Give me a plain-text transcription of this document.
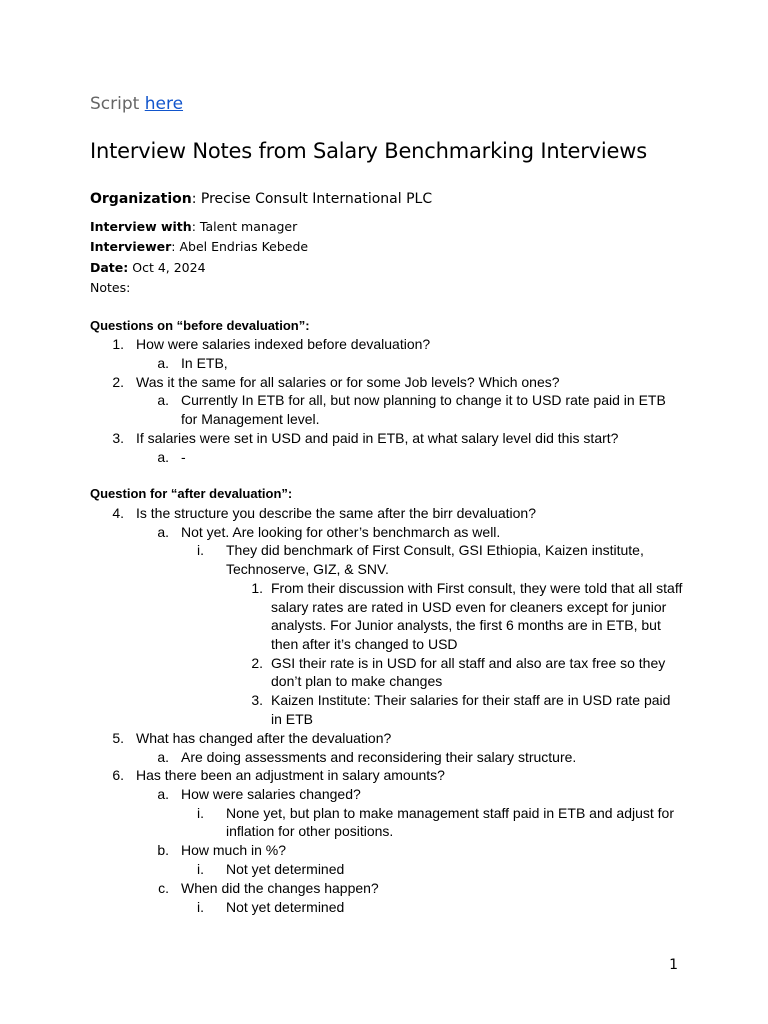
Script here
Interview Notes from Salary Benchmarking Interviews
Organization: Precise Consult International PLC
Interview with: Talent manager
Interviewer: Abel Endrias Kebede
Date: Oct 4, 2024
Notes:
Questions on “before devaluation”:
1. How were salaries indexed before devaluation?
a. In ETB,
2. Was it the same for all salaries or for some Job levels? Which ones?
a. Currently In ETB for all, but now planning to change it to USD rate paid in ETB
for Management level.
3. If salaries were set in USD and paid in ETB, at what salary level did this start?
a. -
Question for “after devaluation”:
4. Is the structure you describe the same after the birr devaluation?
a. Not yet. Are looking for other’s benchmarch as well.
i. They did benchmark of First Consult, GSI Ethiopia, Kaizen institute,
Technoserve, GIZ, & SNV.
1. From their discussion with First consult, they were told that all staff
salary rates are rated in USD even for cleaners except for junior
analysts. For Junior analysts, the first 6 months are in ETB, but
then after it’s changed to USD
2. GSI their rate is in USD for all staff and also are tax free so they
don’t plan to make changes
3. Kaizen Institute: Their salaries for their staff are in USD rate paid
in ETB
5. What has changed after the devaluation?
a. Are doing assessments and reconsidering their salary structure.
6. Has there been an adjustment in salary amounts?
a. How were salaries changed?
i. None yet, but plan to make management staff paid in ETB and adjust for
inflation for other positions.
b. How much in %?
i. Not yet determined
c. When did the changes happen?
i. Not yet determined
1
